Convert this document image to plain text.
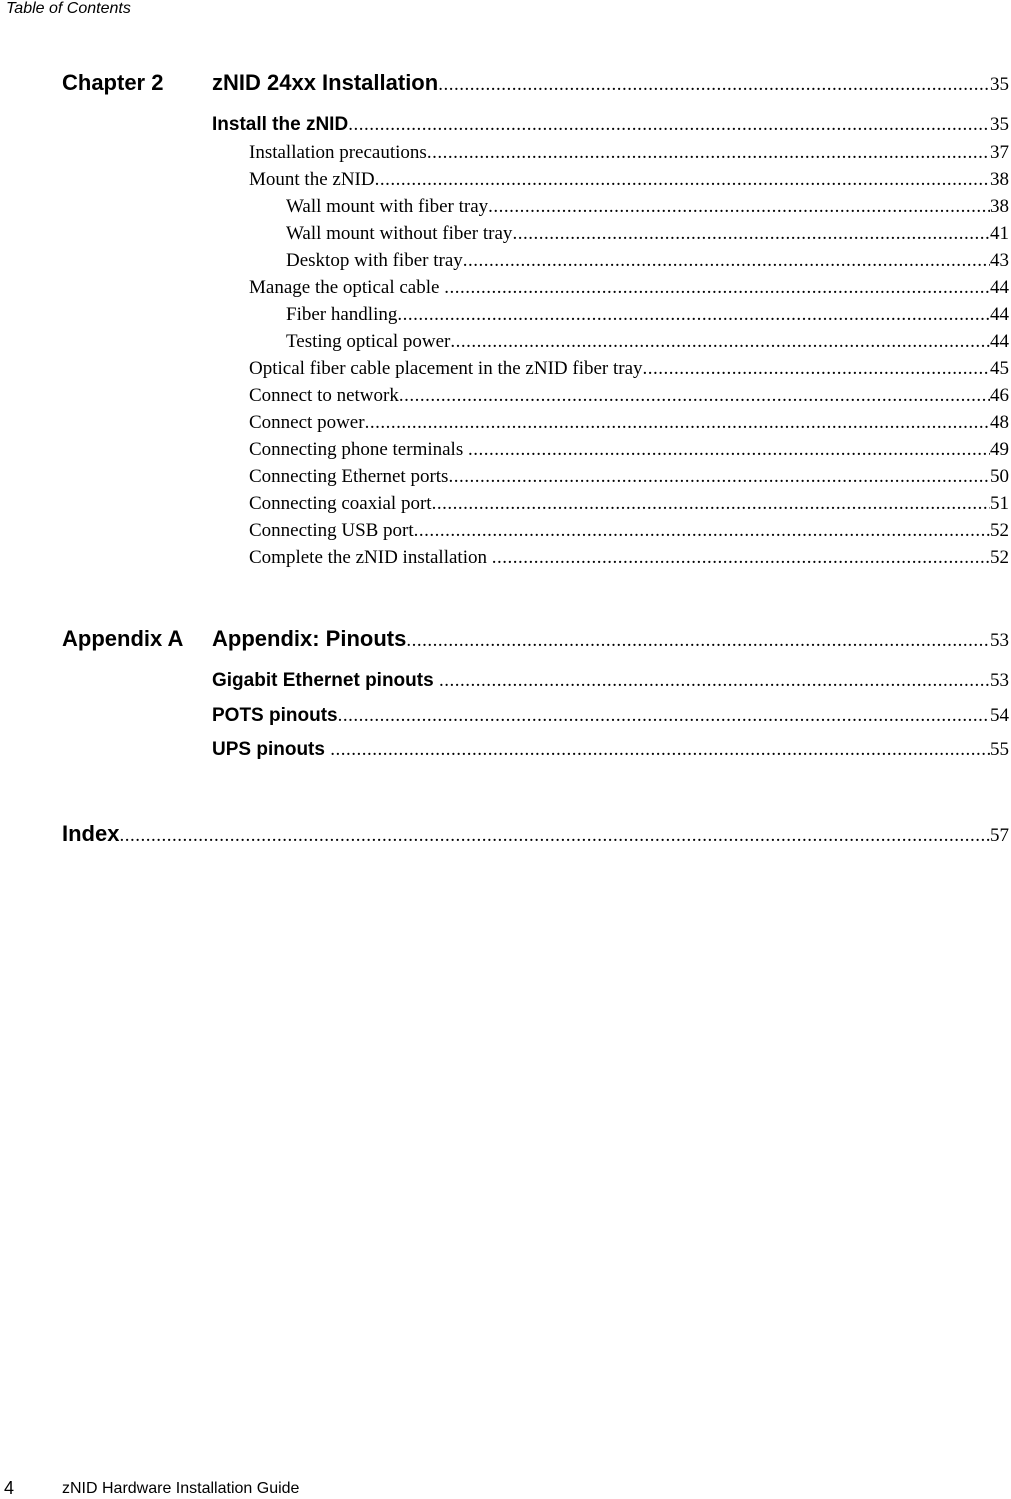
Table of Contents
Chapter 2 zNID 24xx Installation .....	35
Install the zNID .....	35
Installation precautions .....	37
Mount the zNID .....	38
Wall mount with fiber tray .....	38
Wall mount without fiber tray .....	41
Desktop with fiber tray .....	43
Manage the optical cable .....	44
Fiber handling .....	44
Testing optical power .....	44
Optical fiber cable placement in the zNID fiber tray .....	45
Connect to network .....	46
Connect power .....	48
Connecting phone terminals .....	49
Connecting Ethernet ports .....	50
Connecting coaxial port .....	51
Connecting USB port .....	52
Complete the zNID installation .....	52
Appendix A Appendix: Pinouts .....	53
Gigabit Ethernet pinouts .....	53
POTS pinouts .....	54
UPS pinouts .....	55
Index .....	57
4	zNID Hardware Installation Guide
